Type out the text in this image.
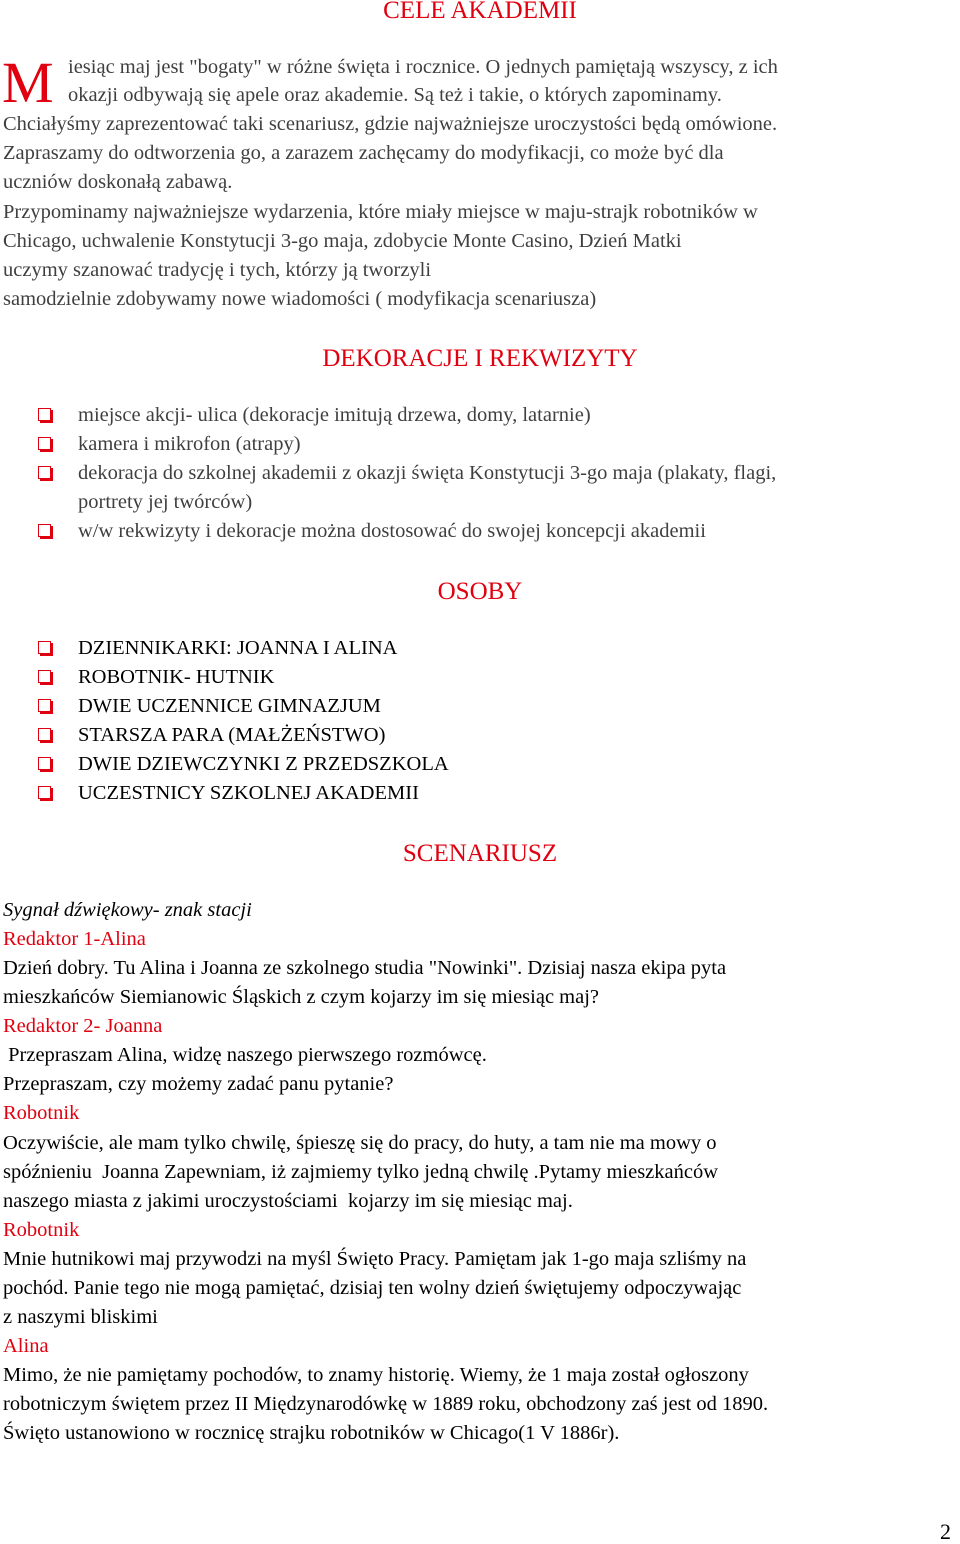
CELE AKADEMII
M iesiąc maj jest "bogaty" w różne święta i rocznice. O jednych pamiętają wszyscy, z ich
okazji odbywają się apele oraz akademie. Są też i takie, o których zapominamy.
Chciałyśmy zaprezentować taki scenariusz, gdzie najważniejsze uroczystości będą omówione.
Zapraszamy do odtworzenia go, a zarazem zachęcamy do modyfikacji, co może być dla
uczniów doskonałą zabawą.
Przypominamy najważniejsze wydarzenia, które miały miejsce w maju-strajk robotników w
Chicago, uchwalenie Konstytucji 3-go maja, zdobycie Monte Casino, Dzień Matki
uczymy szanować tradycję i tych, którzy ją tworzyli
samodzielnie zdobywamy nowe wiadomości ( modyfikacja scenariusza)
DEKORACJE I REKWIZYTY
miejsce akcji- ulica (dekoracje imitują drzewa, domy, latarnie)
kamera i mikrofon (atrapy)
dekoracja do szkolnej akademii z okazji święta Konstytucji 3-go maja (plakaty, flagi,
portrety jej twórców)
w/w rekwizyty i dekoracje można dostosować do swojej koncepcji akademii
OSOBY
DZIENNIKARKI: JOANNA I ALINA
ROBOTNIK- HUTNIK
DWIE UCZENNICE GIMNAZJUM
STARSZA PARA (MAŁŻEŃSTWO)
DWIE DZIEWCZYNKI Z PRZEDSZKOLA
UCZESTNICY SZKOLNEJ AKADEMII
SCENARIUSZ
Sygnał dźwiękowy- znak stacji
Redaktor 1-Alina
Dzień dobry. Tu Alina i Joanna ze szkolnego studia "Nowinki". Dzisiaj nasza ekipa pyta
mieszkańców Siemianowic Śląskich z czym kojarzy im się miesiąc maj?
Redaktor 2- Joanna
Przepraszam Alina, widzę naszego pierwszego rozmówcę.
Przepraszam, czy możemy zadać panu pytanie?
Robotnik
Oczywiście, ale mam tylko chwilę, śpieszę się do pracy, do huty, a tam nie ma mowy o
spóźnieniu  Joanna Zapewniam, iż zajmiemy tylko jedną chwilę .Pytamy mieszkańców
naszego miasta z jakimi uroczystościami  kojarzy im się miesiąc maj.
Robotnik
Mnie hutnikowi maj przywodzi na myśl Święto Pracy. Pamiętam jak 1-go maja szliśmy na
pochód. Panie tego nie mogą pamiętać, dzisiaj ten wolny dzień świętujemy odpoczywając
z naszymi bliskimi
Alina
Mimo, że nie pamiętamy pochodów, to znamy historię. Wiemy, że 1 maja został ogłoszony
robotniczym świętem przez II Międzynarodówkę w 1889 roku, obchodzony zaś jest od 1890.
Święto ustanowiono w rocznicę strajku robotników w Chicago(1 V 1886r).
2
